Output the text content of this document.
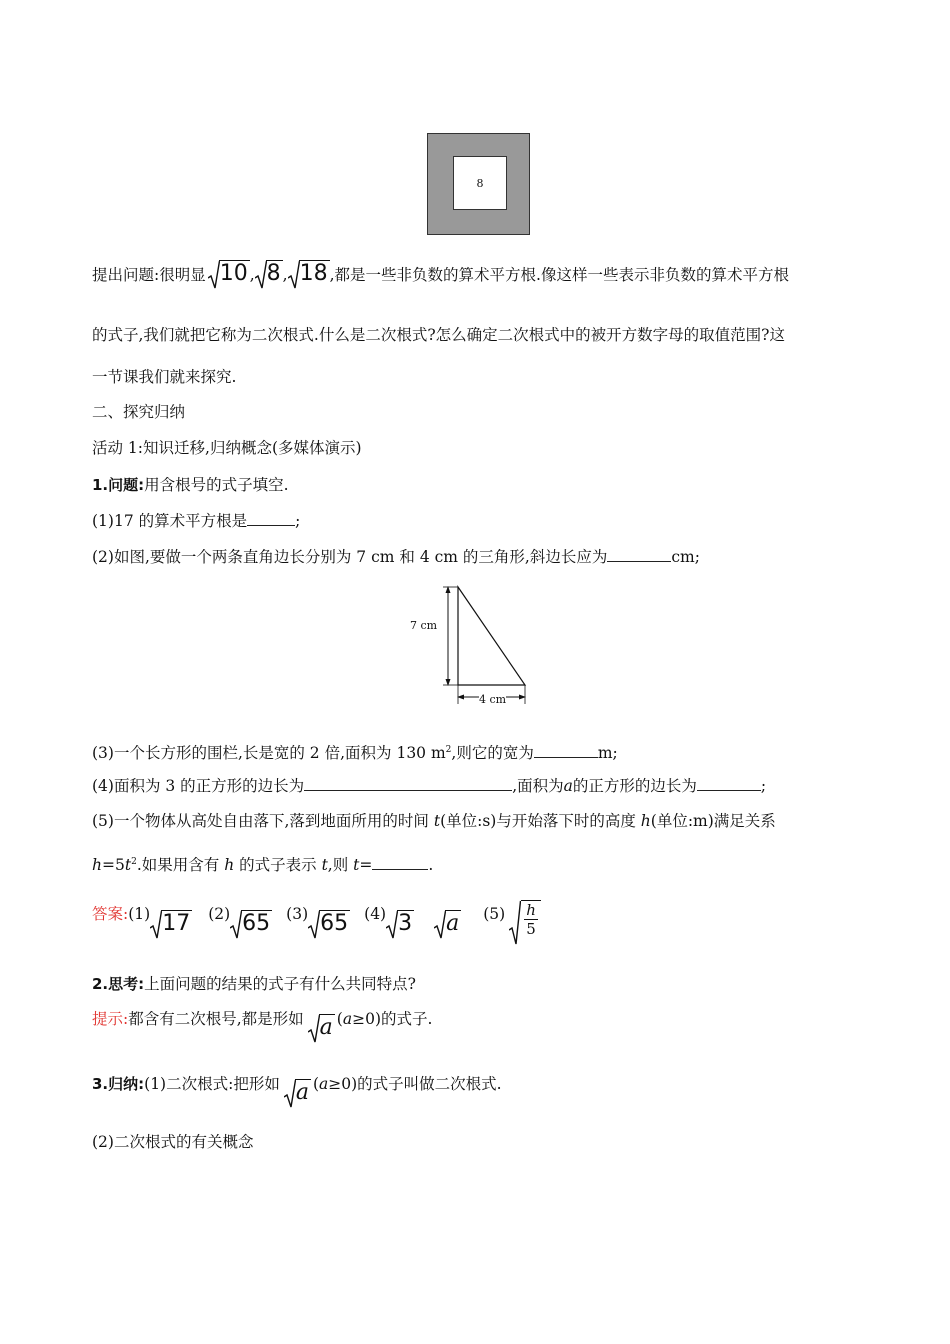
8
提出问题:很明显 10 , 8 , 18 , 都是一些非负数的算术平方根.像这样一些表示非负数的算术平方根
的式子,我们就把它称为二次根式.什么是二次根式?怎么确定二次根式中的被开方数字母的取值范围?这
一节课我们就来探究.
二、探究归纳
活动 1:知识迁移,归纳概念(多媒体演示)
1.问题:用含根号的式子填空.
(1)17 的算术平方根是	;
(2)如图,要做一个两条直角边长分别为 7 cm 和 4 cm 的三角形,斜边长应为	cm;
7 cm
4 cm
(3)一个长方形的围栏,长是宽的 2 倍,面积为 130 $m^2$,则它的宽为	m;
(4)面积为 3 的正方形的边长为	,面积为a的正方形的边长为	;
(5)一个物体从高处自由落下,落到地面所用的时间 t(单位:s)与开始落下时的高度 h(单位:m)满足关系
$h=5t^2$.如果用含有 h 的式子表示 t,则 t=	.
答案: (1) 17 (2) 65 (3) 65 (4) 3 a $(5) \frac{h}{5}$
2.思考:上面问题的结果的式子有什么共同特点?
提示: 都含有二次根号,都是形如 a ( a ≥0)的式子.
3.归纳: (1)二次根式:把形如 a ( a ≥0)的式子叫做二次根式.
(2)二次根式的有关概念
